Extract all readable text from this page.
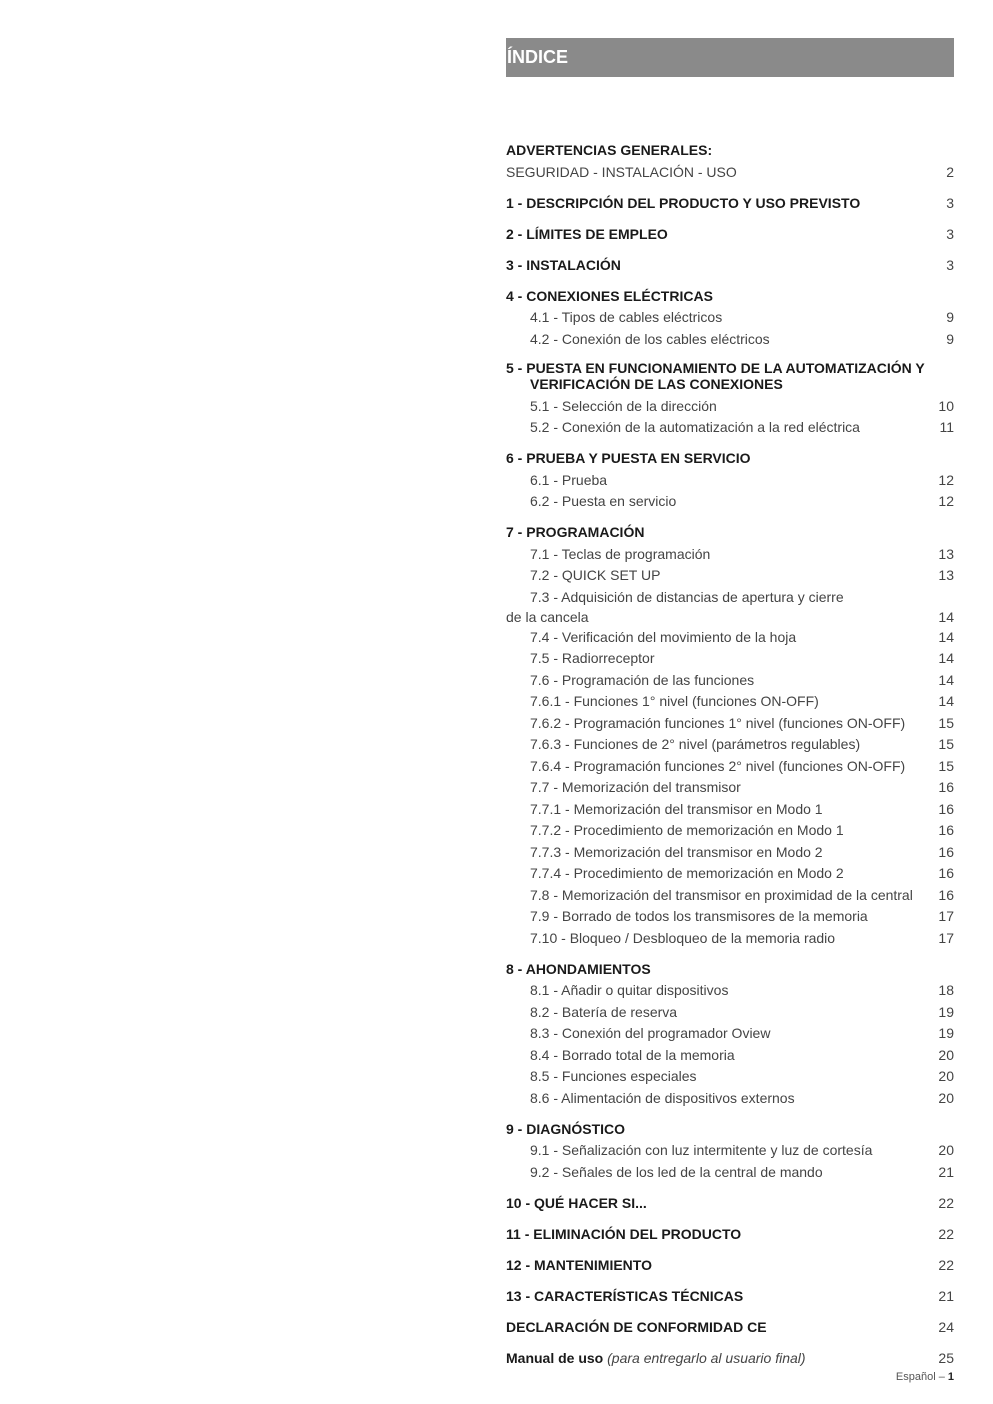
ÍNDICE
ADVERTENCIAS GENERALES:
SEGURIDAD - INSTALACIÓN - USO	2
1 - DESCRIPCIÓN DEL PRODUCTO Y USO PREVISTO	3
2 - LÍMITES DE EMPLEO	3
3 - INSTALACIÓN	3
4 - CONEXIONES ELÉCTRICAS
4.1 - Tipos de cables eléctricos	9
4.2 - Conexión de los cables eléctricos	9
5 - PUESTA EN FUNCIONAMIENTO DE LA AUTOMATIZACIÓN Y
VERIFICACIÓN DE LAS CONEXIONES
5.1 - Selección de la dirección	10
5.2 - Conexión de la automatización a la red eléctrica	11
6 - PRUEBA Y PUESTA EN SERVICIO
6.1 - Prueba	12
6.2 - Puesta en servicio	12
7 - PROGRAMACIÓN
7.1 - Teclas de programación	13
7.2 - QUICK SET UP	13
7.3 - Adquisición de distancias de apertura y cierre
de la cancela	14
7.4 - Verificación del movimiento de la hoja	14
7.5 - Radiorreceptor	14
7.6 - Programación de las funciones	14
7.6.1 - Funciones 1° nivel (funciones ON-OFF)	14
7.6.2 - Programación funciones 1° nivel (funciones ON-OFF)	15
7.6.3 - Funciones de 2° nivel (parámetros regulables)	15
7.6.4 - Programación funciones 2° nivel (funciones ON-OFF)	15
7.7 - Memorización del transmisor	16
7.7.1 - Memorización del transmisor en Modo 1	16
7.7.2 - Procedimiento de memorización en Modo 1	16
7.7.3 - Memorización del transmisor en Modo 2	16
7.7.4 - Procedimiento de memorización en Modo 2	16
7.8 - Memorización del transmisor en proximidad de la central	16
7.9 - Borrado de todos los transmisores de la memoria	17
7.10 - Bloqueo / Desbloqueo de la memoria radio	17
8 - AHONDAMIENTOS
8.1 - Añadir o quitar dispositivos	18
8.2 - Batería de reserva	19
8.3 - Conexión del programador Oview	19
8.4 - Borrado total de la memoria	20
8.5 - Funciones especiales	20
8.6 - Alimentación de dispositivos externos	20
9 - DIAGNÓSTICO
9.1 - Señalización con luz intermitente y luz de cortesía	20
9.2 - Señales de los led de la central de mando	21
10 - QUÉ HACER SI...	22
11 - ELIMINACIÓN DEL PRODUCTO	22
12 - MANTENIMIENTO	22
13 - CARACTERÍSTICAS TÉCNICAS	21
DECLARACIÓN DE CONFORMIDAD CE	24
Manual de uso (para entregarlo al usuario final)	25
Español – 1
